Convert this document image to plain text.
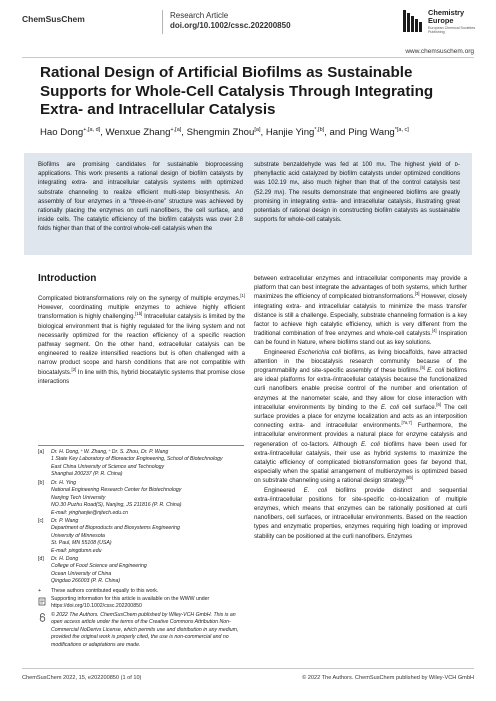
ChemSusChem	Research Article
doi.org/10.1002/cssc.202200850
Chemistry
Europe
European Chemical Societies Publishing
www.chemsuschem.org
Rational Design of Artificial Biofilms as Sustainable Supports for Whole-Cell Catalysis Through Integrating Extra- and Intracellular Catalysis
Hao Dong$^{+,[a, d]}$, Wenxue Zhang$^{+,[a]}$, Shengmin Zhou[a], Hanjie Ying$^{*,[b]}$, and Ping Wang$^{*[a, c]}$

Biofilms are promising candidates for sustainable bioprocessing applications. This work presents a rational design of biofilm catalysts by integrating extra- and intracellular catalysis systems with optimized substrate channeling to realize efficient multi-step biosynthesis. An assembly of four enzymes in a “three-in-one” structure was achieved by rationally placing the enzymes on curli nanofibers, the cell surface, and inside cells. The catalytic efficiency of the biofilm catalysts was over 2.8 folds higher than that of the control whole-cell catalysis when the

substrate benzaldehyde was fed at 100 mʌ. The highest yield of ᴅ-phenyllactic acid catalyzed by biofilm catalysts under optimized conditions was 102.19 mʌ, also much higher than that of the control catalysis test (52.29 mʌ). The results demonstrate that engineered biofilms are greatly promising in integrating extra- and intracellular catalysis, illustrating great potentials of rational design in constructing biofilm catalysts as sustainable supports for whole-cell catalysis.

Introduction

Complicated biotransformations rely on the synergy of multiple enzymes.[1] However, coordinating multiple enzymes to achieve highly efficient transformation is highly challenging.[1b] Intracellular catalysis is limited by the biological environment that is highly regulated for the living system and not necessarily optimized for the reaction efficiency of a specific reaction pathway segment. On the other hand, extracellular catalysis can be engineered to realize intensified reactions but is often challenged with a narrow product scope and harsh conditions that are not compatible with biocatalysts.[2] In line with this, hybrid biocatalytic systems that promise close interactions

between extracellular enzymes and intracellular components may provide a platform that can best integrate the advantages of both systems, which further maximizes the efficiency of complicated biotransformations.[3] However, closely integrating extra- and intracellular catalysis to minimize the mass transfer distance is still a challenge. Especially, substrate channeling formation is a key factor to achieve high catalytic efficiency, which is very different from the traditional combination of free enzymes and whole-cell catalysts.[4] Inspiration can be found in Nature, where biofilms stand out as key solutions.

Engineered Escherichia coli biofilms, as living biocaffolds, have attracted attention in the biocatalysis research community because of the programmability and site-specific assembly of these biofilms.[5] E. coli biofilms are ideal platforms for extra-/intracellular catalysis because the functionalized curli nanofibers enable precise control of the number and orientation of enzymes at the nanometer scale, and they allow for close interaction with intracellular environments by binding to the E. coli cell surface.[6] The cell surface provides a place for enzyme localization and acts as an interposition connecting extra- and intracellular environments.[7a,7] Furthermore, the intracellular environment provides a natural place for enzyme catalysis and regeneration of co-factors. Although E. coli biofilms have been used for extra-/intracellular catalysis, their use as hybrid systems to maximize the catalytic efficiency of complicated biotransformation goes far beyond that, especially when the spatial arrangement of multienzymes is optimized based on substrate channeling using a rational design strategy.[8b]

Engineered E. coli biofilms provide distinct and sequential extra-/intracellular positions for site-specific co-localization of multiple enzymes, which means that enzymes can be rationally positioned at curli nanofibers, cell surfaces, or intracellular environments. Based on the reaction types and enzymatic properties, enzymes requiring high loading or improved stability can be positioned at the curli nanofibers. Enzymes

[a] Dr. H. Dong,⁺ W. Zhang,⁺ Dr. S. Zhou, Dr. P. Wang
1 State Key Laboratory of Bioreactor Engineering, School of Biotechnology
East China University of Science and Technology
Shanghai 200237 (P. R. China)
[b] Dr. H. Ying
National Engineering Research Center for Biotechnology
Nanjing Tech University
NO.30 Puzhu Road(S), Nanjing, JS 211816 (P. R. China)
E-mail: yinghanjie@njtech.edu.cn
[c] Dr. P. Wang
Department of Bioproducts and Biosystems Engineering
University of Minnesota
St. Paul, MN 55108 (USA)
E-mail: pingdumn.edu
[d] Dr. H. Dong
College of Food Science and Engineering
Ocean University of China
Qingdao 266003 (P. R. China)
+	These authors contributed equally to this work.
Supporting information for this article is available on the WWW under https://doi.org/10.1002/cssc.202200850
© 2022 The Authors. ChemSusChem published by Wiley-VCH GmbH. This is an open access article under the terms of the Creative Commons Attribution Non-Commercial NoDerivs License, which permits use and distribution in any medium, provided the original work is properly cited, the use is non-commercial and no modifications or adaptations are made.
ChemSusChem 2022, 15, e202200850 (1 of 10)	© 2022 The Authors. ChemSusChem published by Wiley-VCH GmbH
